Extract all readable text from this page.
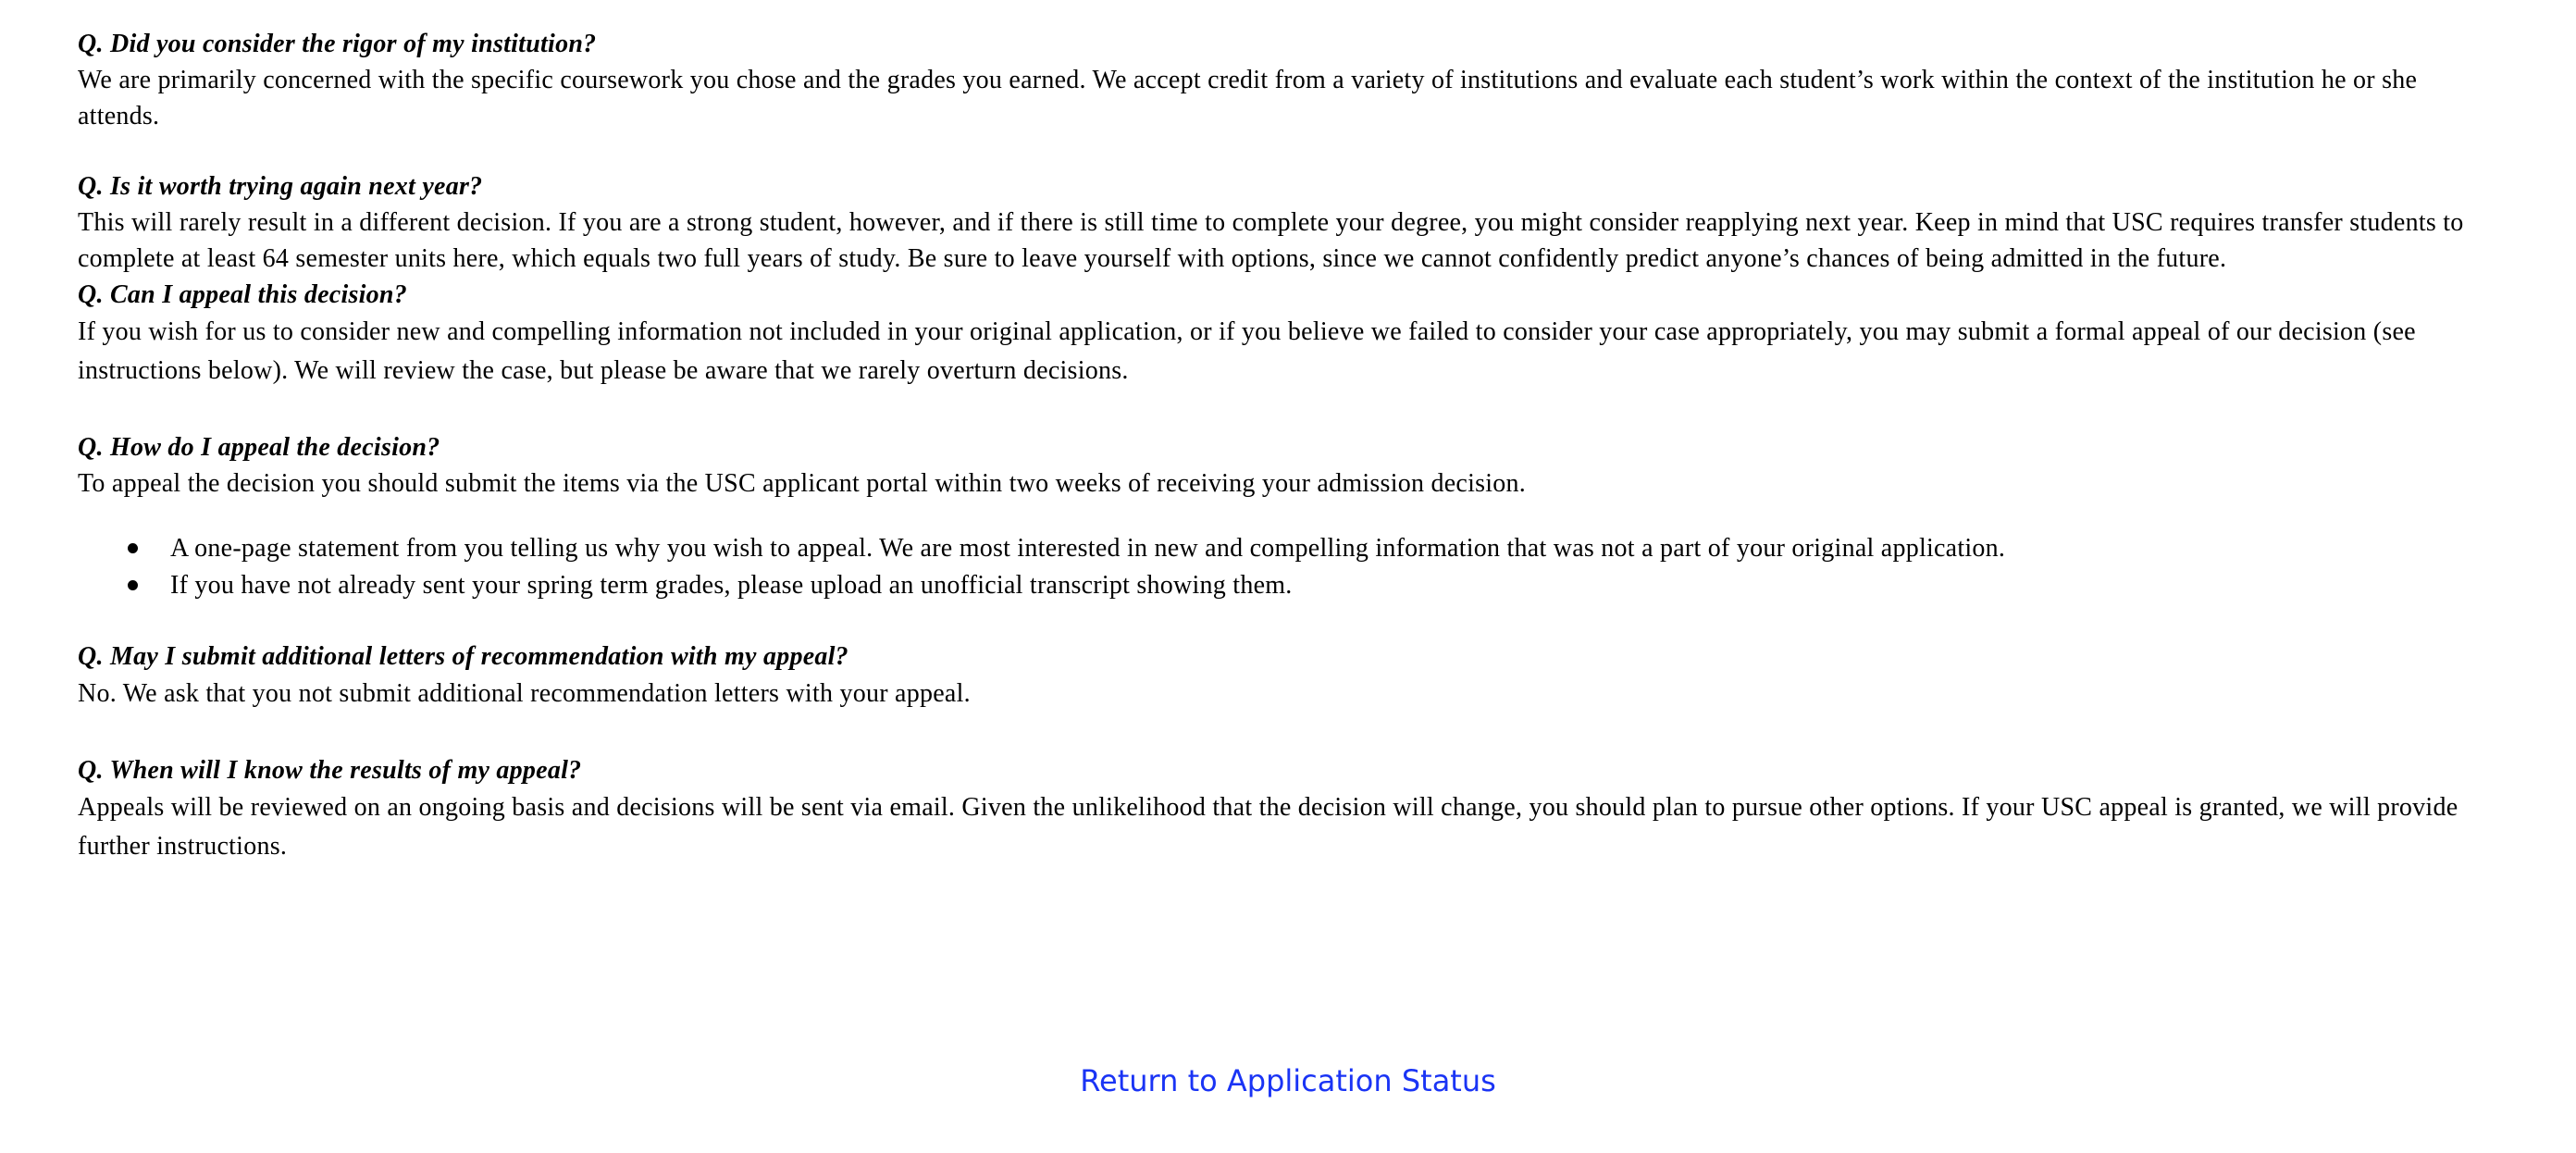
Q. Did you consider the rigor of my institution?

We are primarily concerned with the specific coursework you chose and the grades you earned. We accept credit from a variety of institutions and evaluate each student’s work within the context of the institution he or she attends.

Q. Is it worth trying again next year?

This will rarely result in a different decision. If you are a strong student, however, and if there is still time to complete your degree, you might consider reapplying next year. Keep in mind that USC requires transfer students to complete at least 64 semester units here, which equals two full years of study. Be sure to leave yourself with options, since we cannot confidently predict anyone’s chances of being admitted in the future.

Q. Can I appeal this decision?

If you wish for us to consider new and compelling information not included in your original application, or if you believe we failed to consider your case appropriately, you may submit a formal appeal of our decision (see instructions below). We will review the case, but please be aware that we rarely overturn decisions.

Q. How do I appeal the decision?

To appeal the decision you should submit the items via the USC applicant portal within two weeks of receiving your admission decision.

A one-page statement from you telling us why you wish to appeal. We are most interested in new and compelling information that was not a part of your original application.
If you have not already sent your spring term grades, please upload an unofficial transcript showing them.

Q. May I submit additional letters of recommendation with my appeal?

No. We ask that you not submit additional recommendation letters with your appeal.

Q. When will I know the results of my appeal?

Appeals will be reviewed on an ongoing basis and decisions will be sent via email. Given the unlikelihood that the decision will change, you should plan to pursue other options. If your USC appeal is granted, we will provide further instructions.

Return to Application Status
